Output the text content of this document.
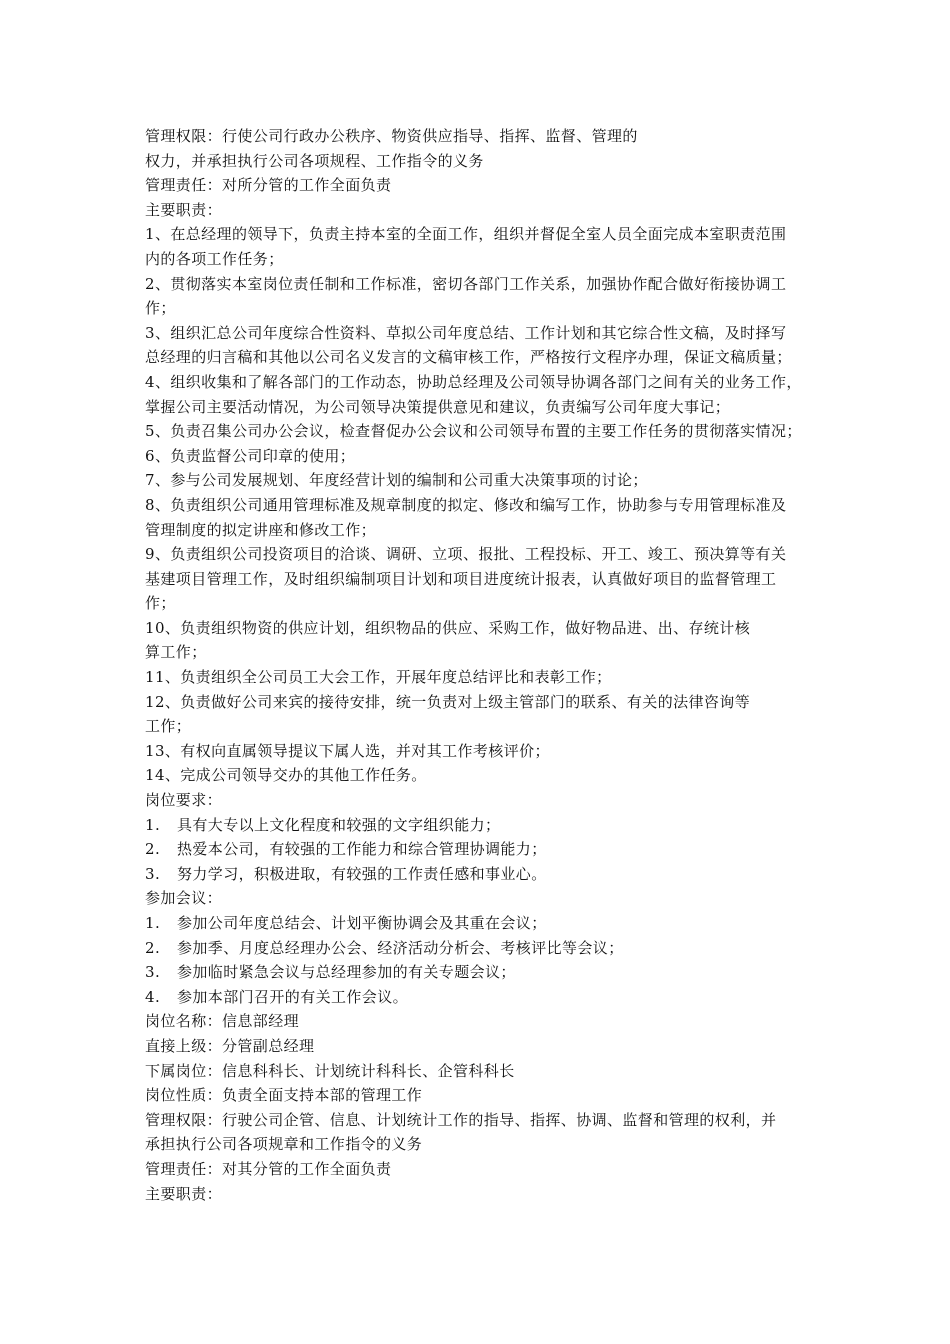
管理权限：行使公司行政办公秩序、物资供应指导、指挥、监督、管理的
权力，并承担执行公司各项规程、工作指令的义务
管理责任：对所分管的工作全面负责
主要职责：
1、在总经理的领导下，负责主持本室的全面工作，组织并督促全室人员全面完成本室职责范围
内的各项工作任务；
2、贯彻落实本室岗位责任制和工作标准，密切各部门工作关系，加强协作配合做好衔接协调工
作；
3、组织汇总公司年度综合性资料、草拟公司年度总结、工作计划和其它综合性文稿，及时择写
总经理的归言稿和其他以公司名义发言的文稿审核工作，严格按行文程序办理，保证文稿质量；
4、组织收集和了解各部门的工作动态，协助总经理及公司领导协调各部门之间有关的业务工作，
掌握公司主要活动情况，为公司领导决策提供意见和建议，负责编写公司年度大事记；
5、负责召集公司办公会议，检查督促办公会议和公司领导布置的主要工作任务的贯彻落实情况；
6、负责监督公司印章的使用；
7、参与公司发展规划、年度经营计划的编制和公司重大决策事项的讨论；
8、负责组织公司通用管理标准及规章制度的拟定、修改和编写工作，协助参与专用管理标准及
管理制度的拟定讲座和修改工作；
9、负责组织公司投资项目的洽谈、调研、立项、报批、工程投标、开工、竣工、预决算等有关
基建项目管理工作，及时组织编制项目计划和项目进度统计报表，认真做好项目的监督管理工
作；
10、负责组织物资的供应计划，组织物品的供应、采购工作，做好物品进、出、存统计核
算工作；
11、负责组织全公司员工大会工作，开展年度总结评比和表彰工作；
12、负责做好公司来宾的接待安排，统一负责对上级主管部门的联系、有关的法律咨询等
工作；
13、有权向直属领导提议下属人选，并对其工作考核评价；
14、完成公司领导交办的其他工作任务。
岗位要求：
1. 具有大专以上文化程度和较强的文字组织能力；
2. 热爱本公司，有较强的工作能力和综合管理协调能力；
3. 努力学习，积极进取，有较强的工作责任感和事业心。
参加会议：
1. 参加公司年度总结会、计划平衡协调会及其重在会议；
2. 参加季、月度总经理办公会、经济活动分析会、考核评比等会议；
3. 参加临时紧急会议与总经理参加的有关专题会议；
4. 参加本部门召开的有关工作会议。
岗位名称：信息部经理
直接上级：分管副总经理
下属岗位：信息科科长、计划统计科科长、企管科科长
岗位性质：负责全面支持本部的管理工作
管理权限：行驶公司企管、信息、计划统计工作的指导、指挥、协调、监督和管理的权利，并
承担执行公司各项规章和工作指令的义务
管理责任：对其分管的工作全面负责
主要职责：
